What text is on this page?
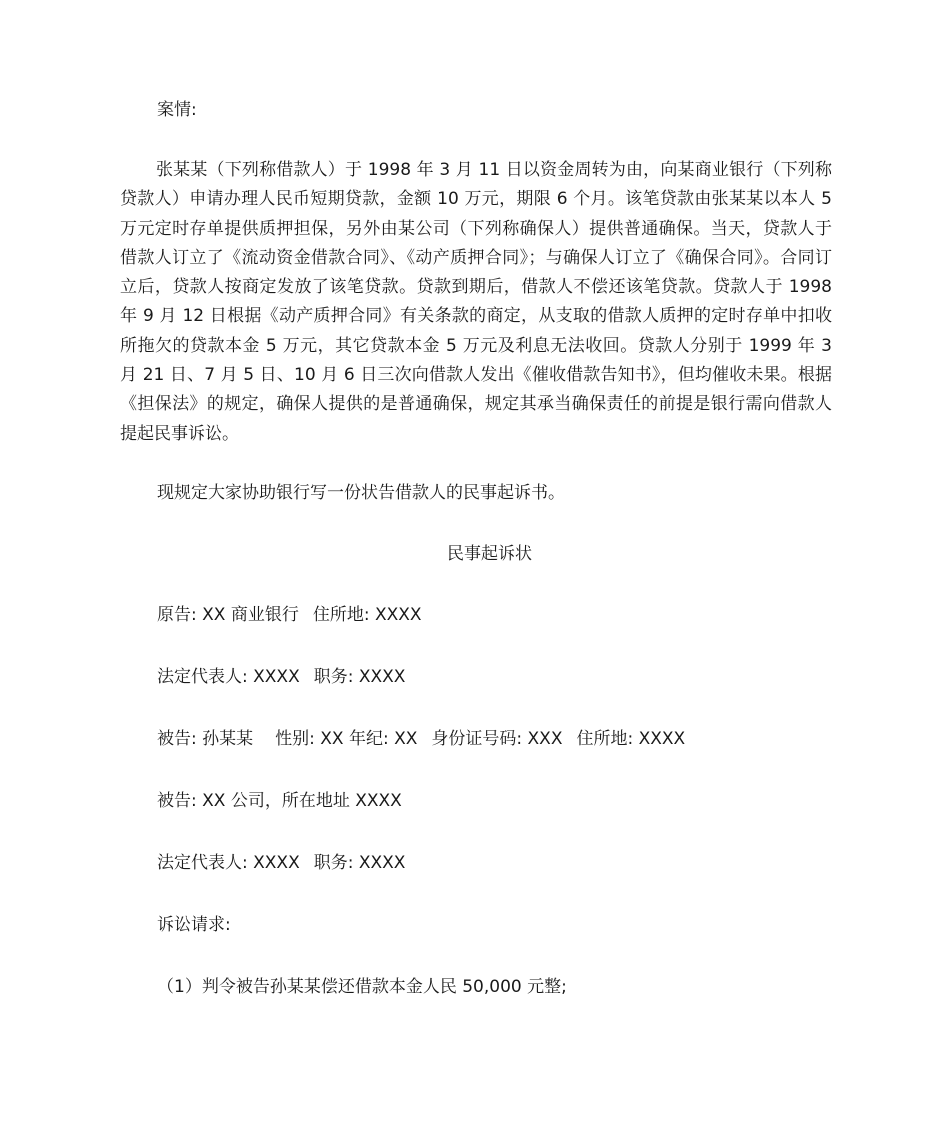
案情:

张某某（下列称借款人）于 1998 年 3 月 11 日以资金周转为由，向某商业银行（下列称贷款人）申请办理人民币短期贷款，金额 10 万元，期限 6 个月。该笔贷款由张某某以本人 5 万元定时存单提供质押担保，另外由某公司（下列称确保人）提供普通确保。当天，贷款人于借款人订立了《流动资金借款合同》、《动产质押合同》；与确保人订立了《确保合同》。合同订立后，贷款人按商定发放了该笔贷款。贷款到期后，借款人不偿还该笔贷款。贷款人于 1998 年 9 月 12 日根据《动产质押合同》有关条款的商定，从支取的借款人质押的定时存单中扣收所拖欠的贷款本金 5 万元，其它贷款本金 5 万元及利息无法收回。贷款人分别于 1999 年 3 月 21 日、7 月 5 日、10 月 6 日三次向借款人发出《催收借款告知书》，但均催收未果。根据《担保法》的规定，确保人提供的是普通确保，规定其承当确保责任的前提是银行需向借款人提起民事诉讼。

现规定大家协助银行写一份状告借款人的民事起诉书。
民事起诉状
原告: XX 商业银行 住所地: XXXX
法定代表人: XXXX 职务: XXXX
被告: 孙某某 性别: XX 年纪: XX 身份证号码: XXX 住所地: XXXX
被告: XX 公司，所在地址 XXXX
法定代表人: XXXX 职务: XXXX
诉讼请求:
（1）判令被告孙某某偿还借款本金人民 50,000 元整;
